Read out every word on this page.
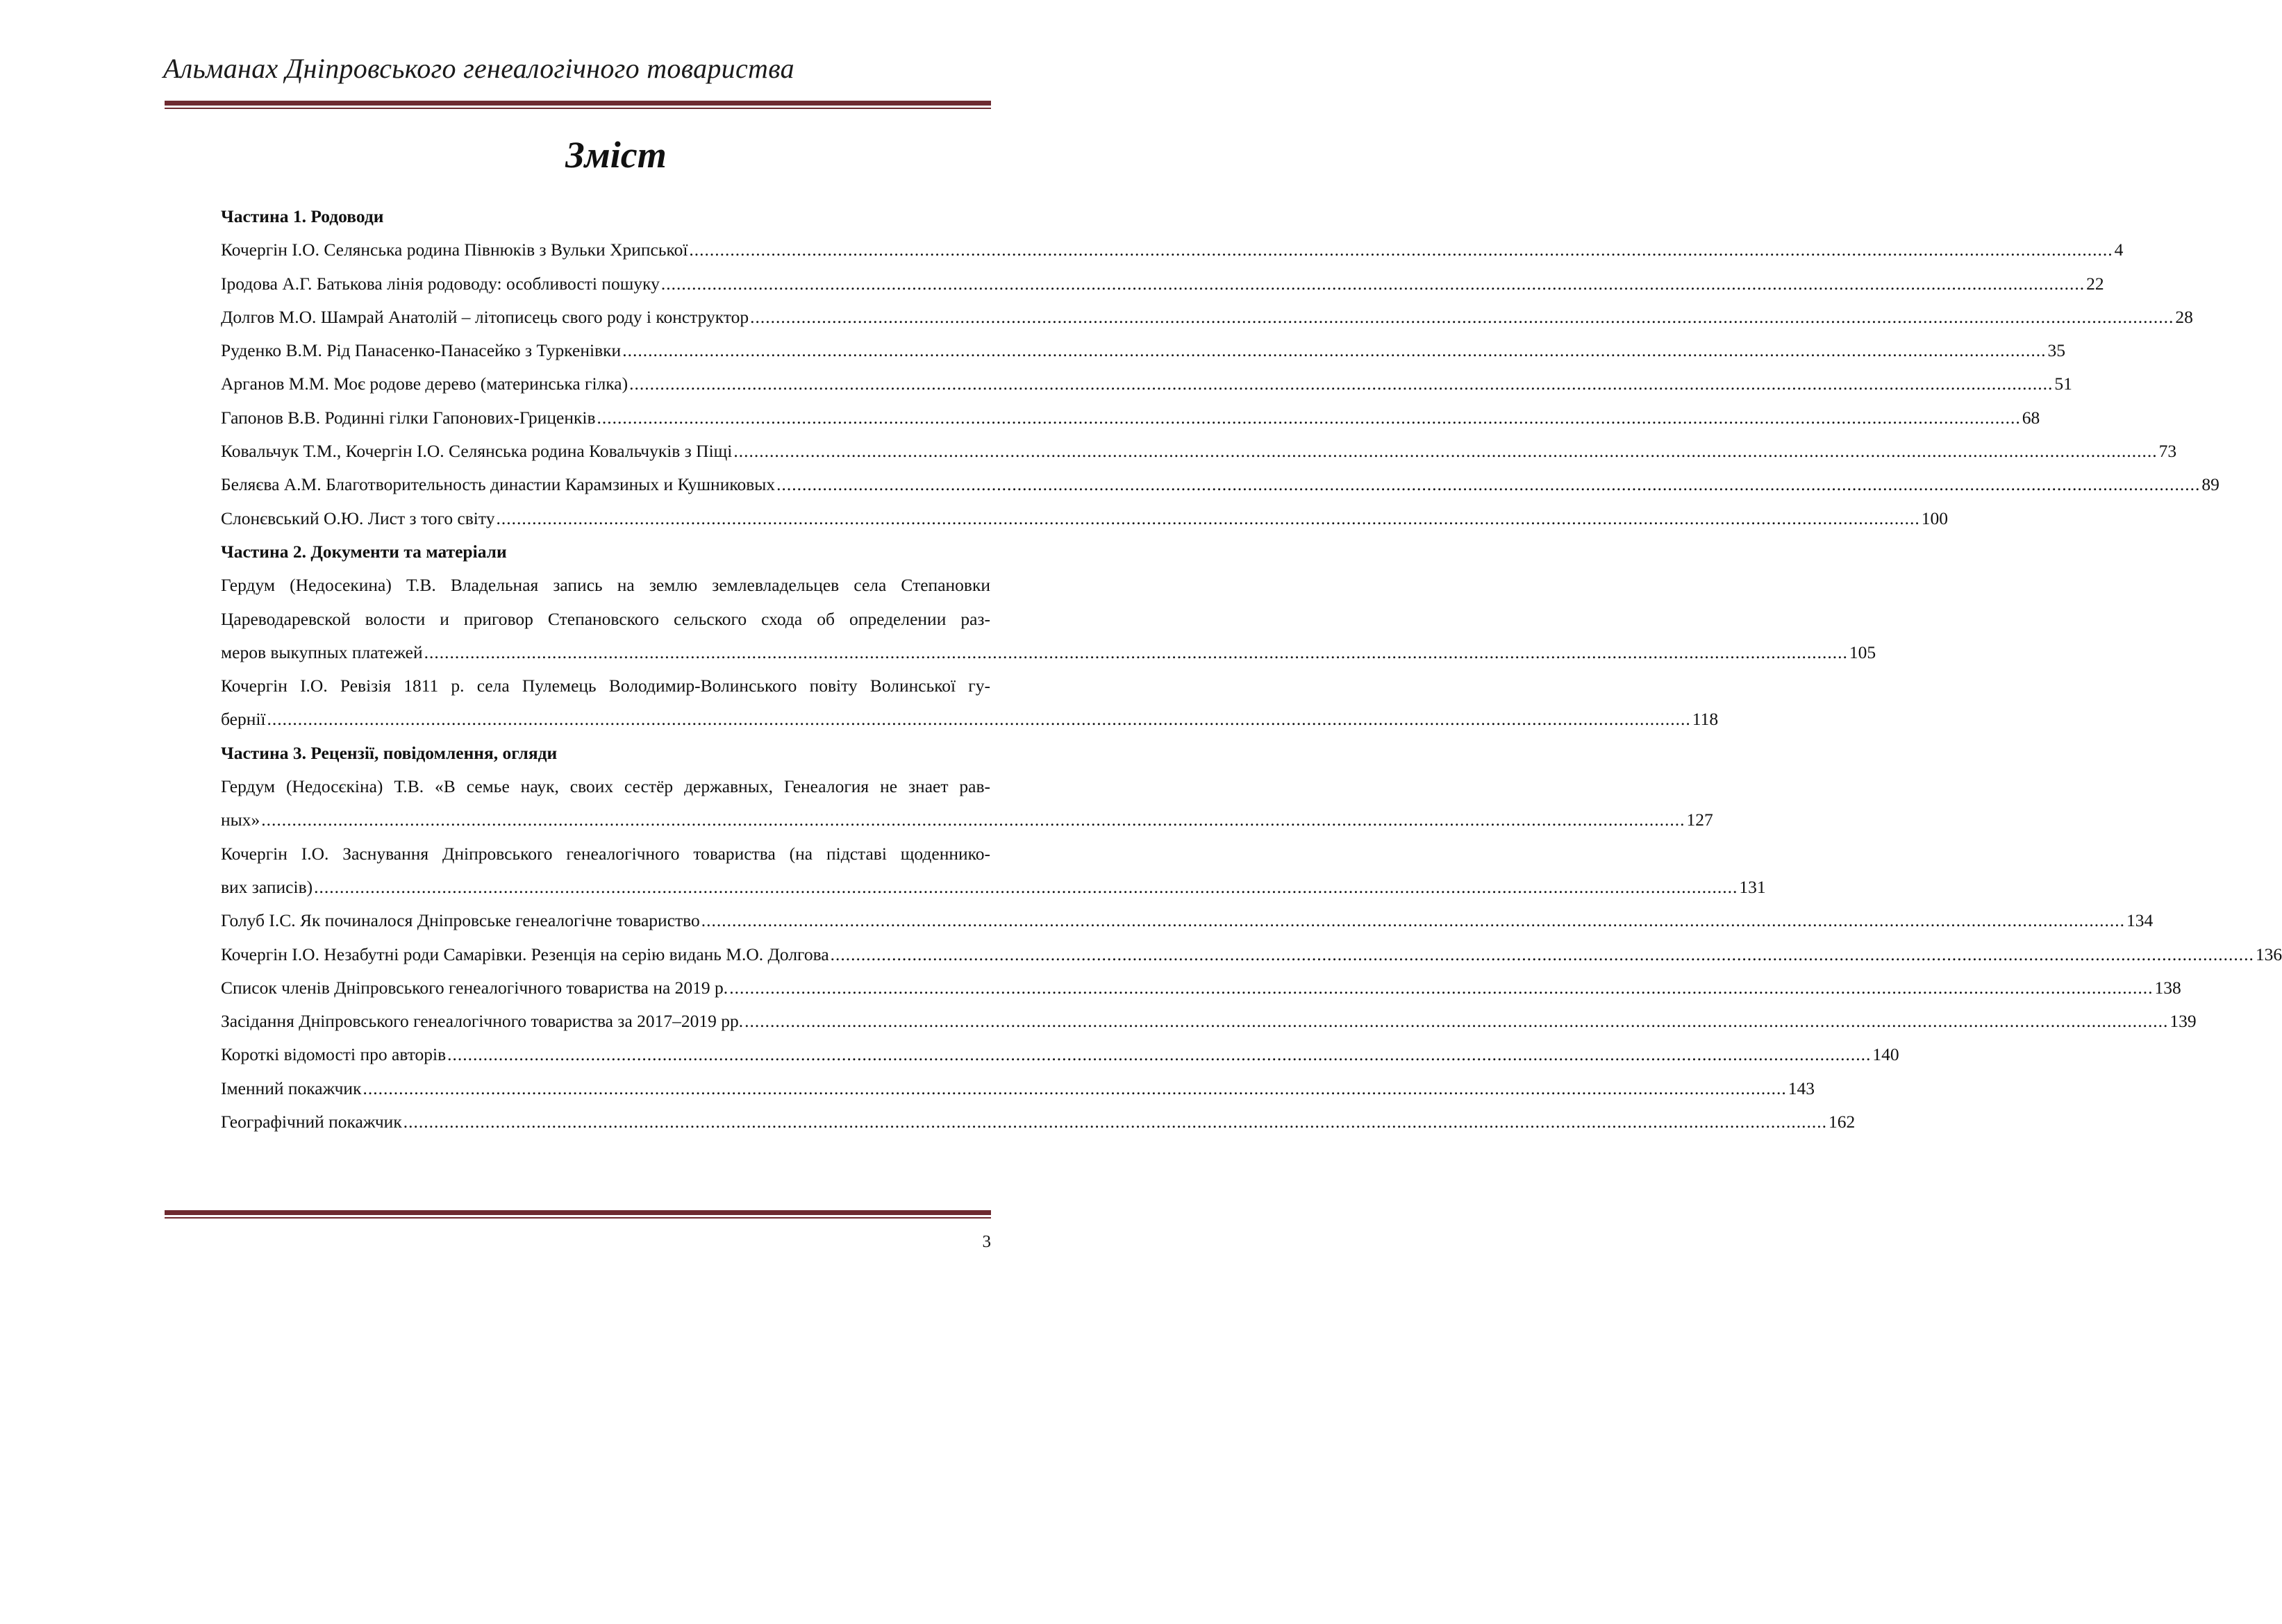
Альманах Дніпровського генеалогічного товариства
Зміст
Частина 1. Родоводи
Кочергін І.О. Селянська родина Пiвнюків з Вульки Хрипської .....	4
Іродова А.Г. Батькова лінія родоводу: особливості пошуку .....	22
Долгов М.О. Шамрай Анатолій – літописець свого роду і конструктор .....	28
Руденко В.М. Рід Панасенко-Панасейко з Туркенівки .....	35
Арганов М.М. Моє родове дерево (материнська гілка) .....	51
Гапонов В.В. Родинні гілки Гапонових-Гриценків .....	68
Ковальчук Т.М., Кочергін І.О. Селянська родина Ковальчуків з Піщі .....	73
Беляєва А.М. Благотворительность династии Карамзиных и Кушниковых .....	89
Слонєвський О.Ю. Лист з того світу .....	100
Частина 2. Документи та матеріали
Гердум (Недосекина) Т.В. Владельная запись на землю землевладельцев села Степановки
Цареводаревской волости и приговор Степановского сельского схода об определении раз-
меров выкупных платежей .....	105
Кочергін І.О. Ревізія 1811 р. села Пулемець Володимир-Волинського повіту Волинської гу-
бернії .....	118
Частина 3. Рецензії, повідомлення, огляди
Гердум (Недосєкіна) Т.В. «В семье наук, своих сестёр державных, Генеалогия не знает рав-
ных» .....	127
Кочергін І.О. Заснування Дніпровського генеалогічного товариства (на підставі щоденнико-
вих записів) .....	131
Голуб І.С. Як починалося Дніпровське генеалогічне товариство .....	134
Кочергін І.О. Незабутні роди Самарівки. Резенція на серію видань М.О. Долгова .....	136
Список членів Дніпровського генеалогічного товариства на 2019 р. .....	138
Засідання Дніпровського генеалогічного товариства за 2017–2019 рр. .....	139
Короткі відомості про авторів .....	140
Іменний покажчик .....	143
Географічний покажчик .....	162
3
